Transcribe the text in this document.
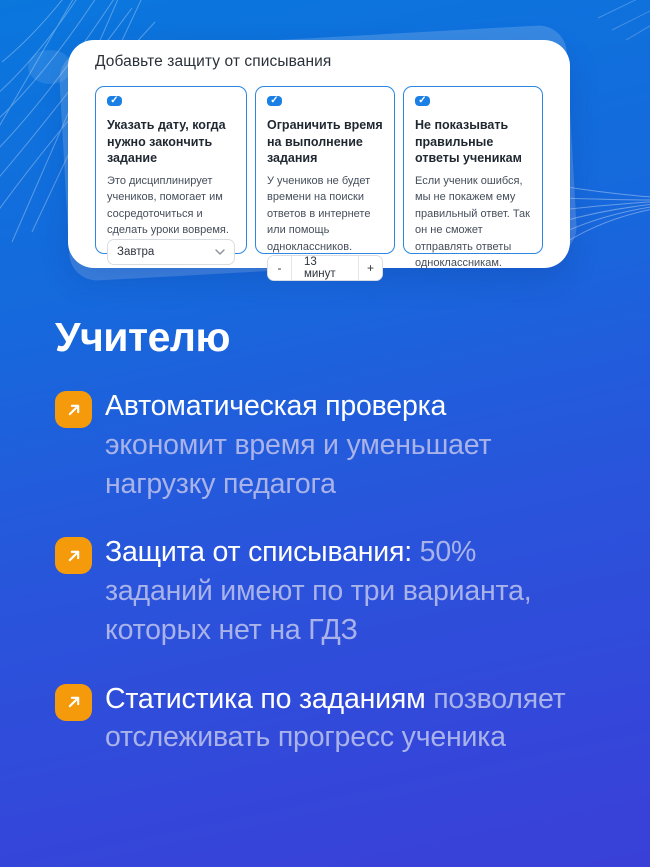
Добавьте защиту от списывания
✓
Указать дату, когда нужно закончить задание
Это дисциплинирует учеников, помогает им сосредоточиться и сделать уроки вовремя.
Завтра
✓
Ограничить время на выполнение задания
У учеников не будет времени на поиски ответов в интернете или помощь одноклассников.
-	13 минут	+
✓
Не показывать правильные ответы ученикам
Если ученик ошибся, мы не покажем ему правильный ответ. Так он не сможет отправлять ответы одноклассникам.
Учителю

Автоматическая проверка экономит время и уменьшает нагрузку педагога

Защита от списывания: 50% заданий имеют по три варианта, которых нет на ГДЗ

Статистика по заданиям позволяет отслеживать прогресс ученика
